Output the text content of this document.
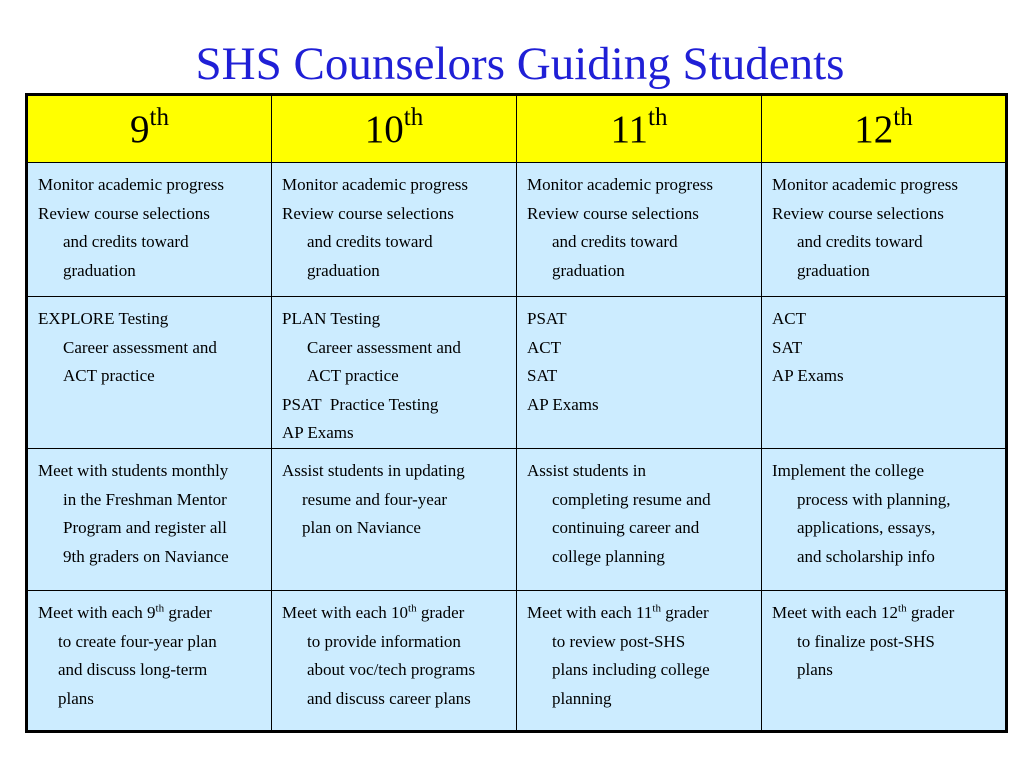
SHS Counselors Guiding Students
9th	10th	11th	12th

Monitor academic progress
Review course selections
and credits toward
graduation	Monitor academic progress
Review course selections
and credits toward
graduation	Monitor academic progress
Review course selections
and credits toward
graduation	Monitor academic progress
Review course selections
and credits toward
graduation

EXPLORE Testing
Career assessment and
ACT practice	PLAN Testing
Career assessment and
ACT practice
PSAT  Practice Testing
AP Exams	PSAT
ACT
SAT
AP Exams	ACT
SAT
AP Exams

Meet with students monthly
in the Freshman Mentor
Program and register all
9th graders on Naviance	Assist students in updating
resume and four-year
plan on Naviance	Assist students in
completing resume and
continuing career and
college planning	Implement the college
process with planning,
applications, essays,
and scholarship info

Meet with each 9th grader
to create four-year plan
and discuss long-term
plans	Meet with each 10th grader
to provide information
about voc/tech programs
and discuss career plans	Meet with each 11th grader
to review post-SHS
plans including college
planning	Meet with each 12th grader
to finalize post-SHS
plans
